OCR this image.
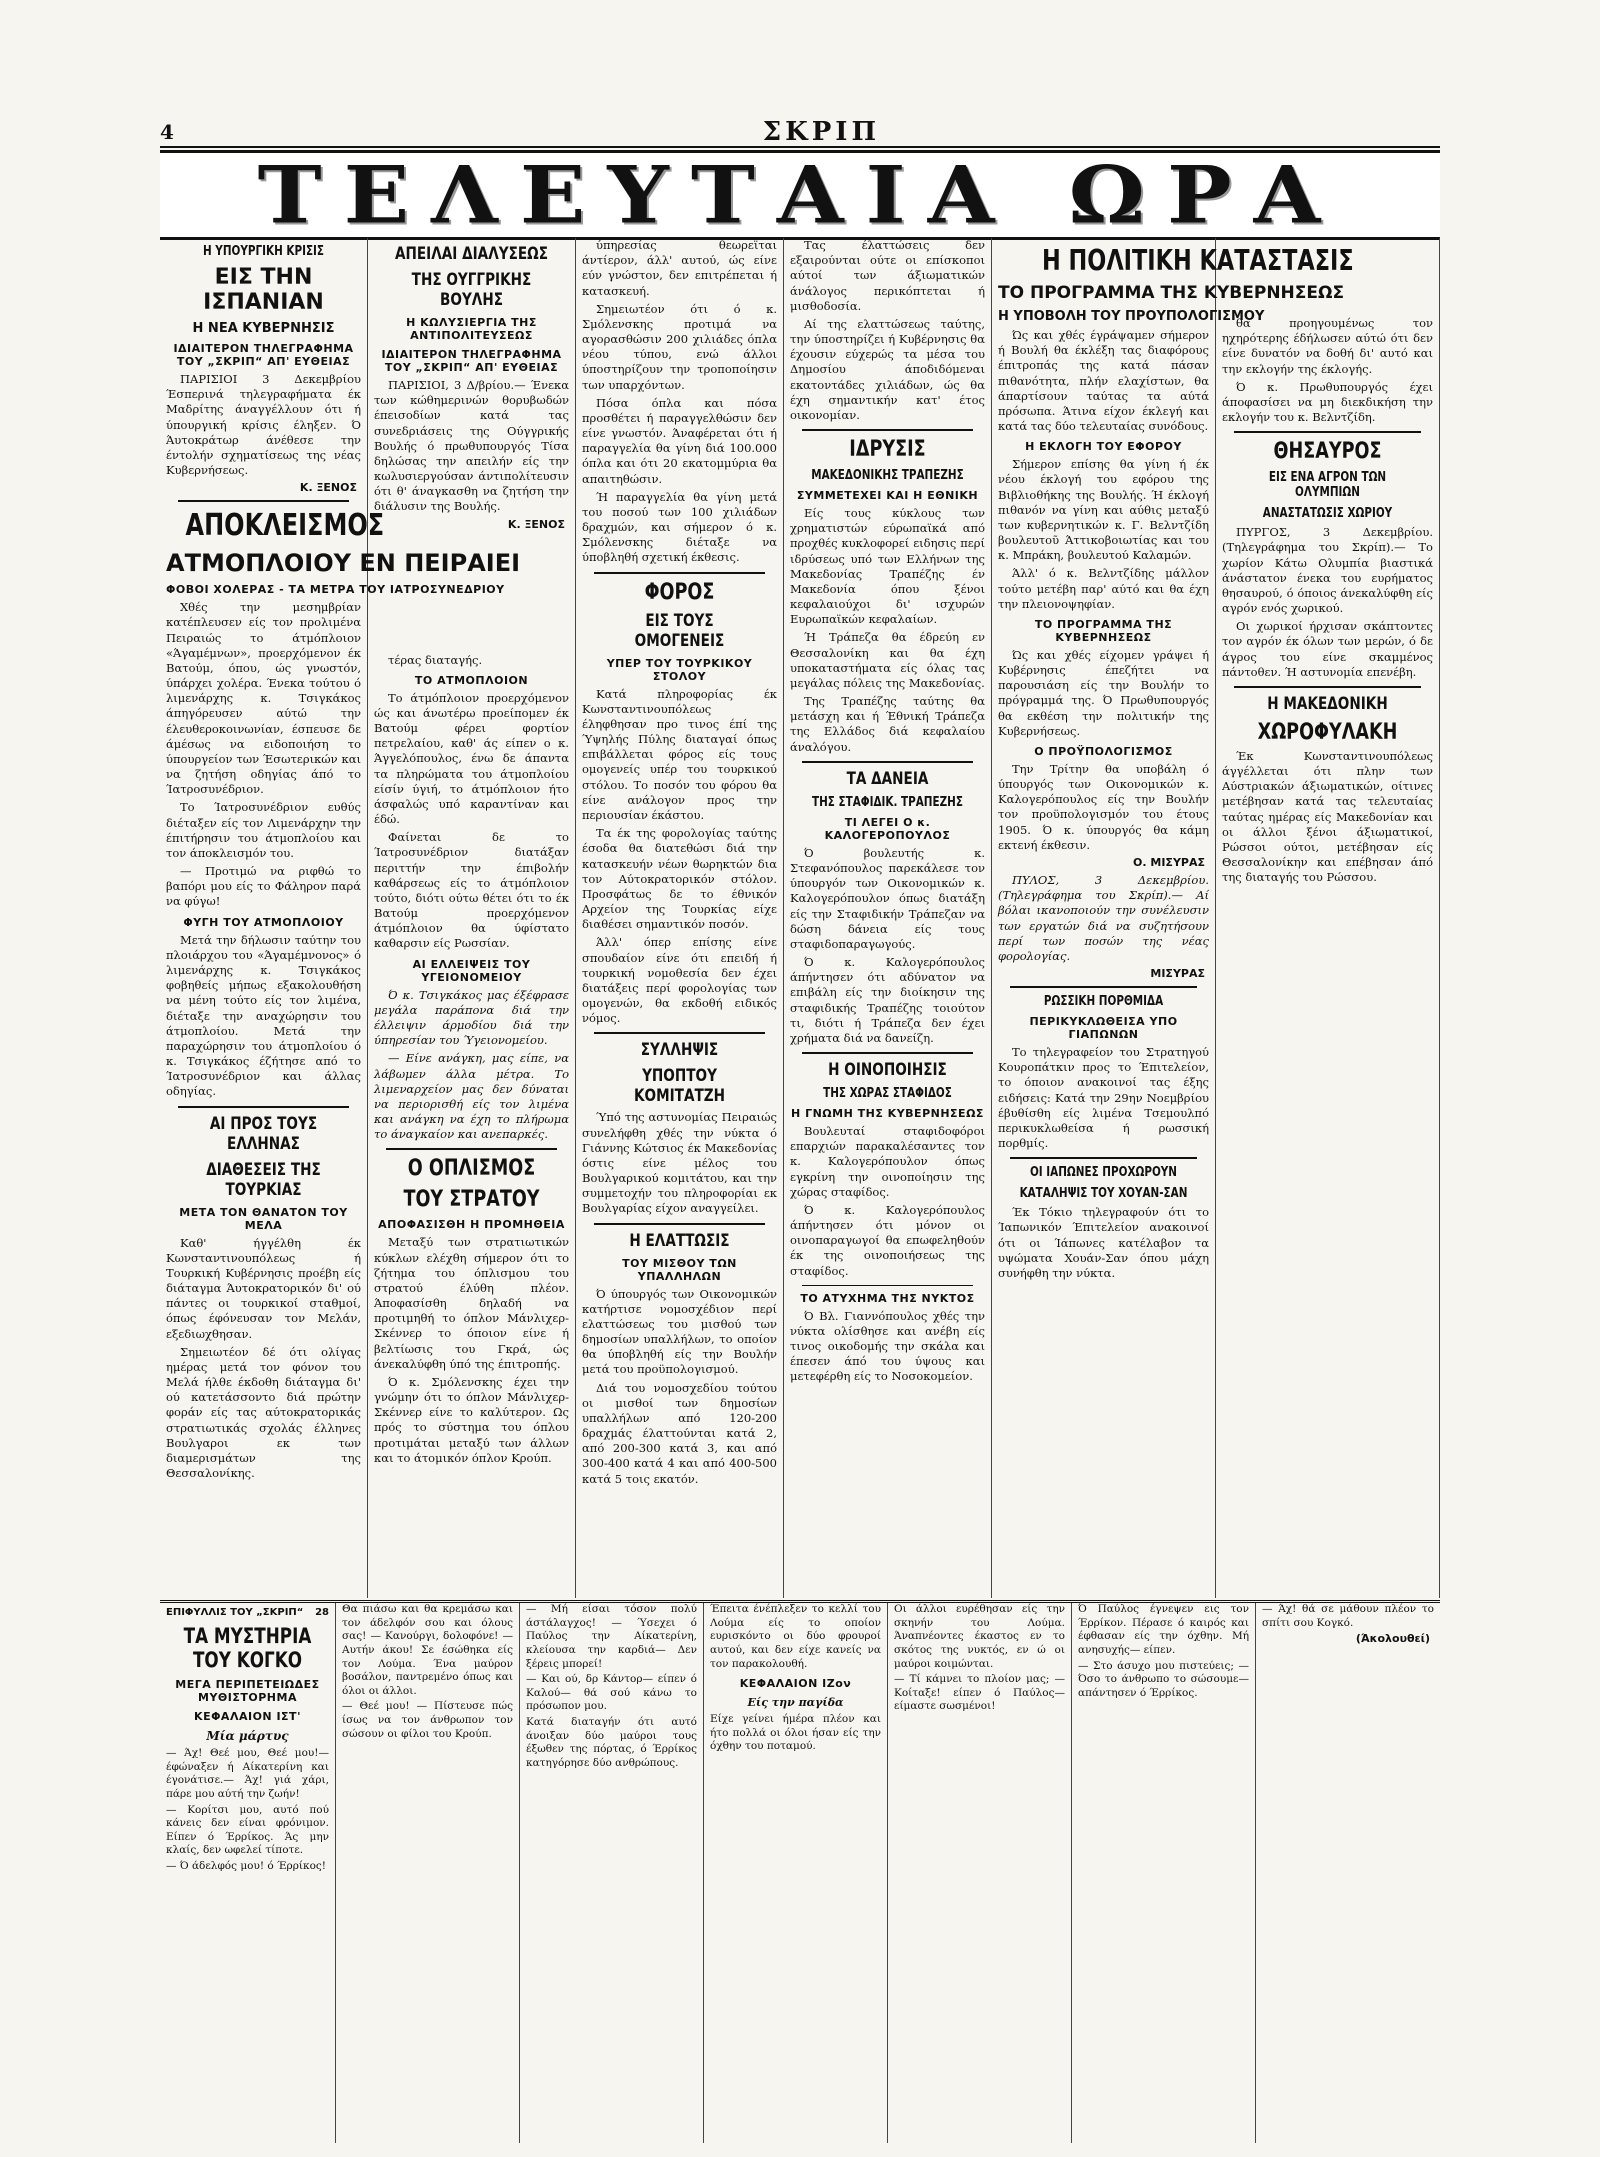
4	ΣΚΡΙΠ
ΤΕΛΕΥΤΑΙΑ ΩΡΑ
Η ΥΠΟΥΡΓΙΚΗ ΚΡΙΣΙΣ
ΕΙΣ ΤΗΝ ΙΣΠΑΝΙΑΝ
Η ΝΕΑ ΚΥΒΕΡΝΗΣΙΣ
ΙΔΙΑΙΤΕΡΟΝ ΤΗΛΕΓΡΑΦΗΜΑ ΤΟΥ „ΣΚΡΙΠ“ ΑΠ' ΕΥΘΕΙΑΣ

ΠΑΡΙΣΙΟΙ 3 Δεκεμβρίου Έσπερινά τηλεγραφήματα έκ Μαδρίτης άναγγέλλουν ότι ή ύπουργική κρίσις έληξεν. Ό Άυτοκράτωρ άνέθεσε την έντολήν σχηματίσεως της νέας Κυβερνήσεως.

Κ. ΞΕΝΟΣ
ΑΠΟΚΛΕΙΣΜΟΣ
ΑΤΜΟΠΛΟΙΟΥ ΕΝ ΠΕΙΡΑΙΕΙ
ΦΟΒΟΙ ΧΟΛΕΡΑΣ - ΤΑ ΜΕΤΡΑ ΤΟΥ ΙΑΤΡΟΣΥΝΕΔΡΙΟΥ

Χθές την μεσημβρίαν κατέπλευσεν είς τον προλιμένα Πειραιώς το άτμόπλοιον «Άγαμέμνων», προερχόμενον έκ Βατούμ, όπου, ώς γνωστόν, ύπάρχει χολέρα. Ένεκα τούτου ό λιμενάρχης κ. Τσιγκάκος άπηγόρευσεν αύτώ την έλευθεροκοινωνίαν, έσπευσε δε άμέσως να ειδοποιήση το ύπουργείον των Έσωτερικών και να ζητήση οδηγίας άπό το Ίατροσυνέδριον.

Το Ίατροσυνέδριον ευθύς διέταξεν είς τον Λιμενάρχην την έπιτήρησιν του άτμοπλοίου και τον άποκλεισμόν του.

— Προτιμώ να ριφθώ το βαπόρι μου είς το Φάληρον παρά να φύγω!

ΦΥΓΗ ΤΟΥ ΑΤΜΟΠΛΟΙΟΥ

Μετά την δήλωσιν ταύτην του πλοιάρχου του «Άγαμέμνονος» ό λιμενάρχης κ. Τσιγκάκος φοβηθείς μήπως εξακολουθήση να μένη τούτο είς τον λιμένα, διέταξε την αναχώρησιν του άτμοπλοίου. Μετά την παραχώρησιν του άτμοπλοίου ό κ. Τσιγκάκος έζήτησε από το Ίατροσυνέδριον και άλλας οδηγίας.

ΑΙ ΠΡΟΣ ΤΟΥΣ ΕΛΛΗΝΑΣ
ΔΙΑΘΕΣΕΙΣ ΤΗΣ ΤΟΥΡΚΙΑΣ
ΜΕΤΑ ΤΟΝ ΘΑΝΑΤΟΝ ΤΟΥ ΜΕΛΑ

Καθ' ήγγέλθη έκ Κωνσταντινουπόλεως ή Τουρκική Κυβέρνησις προέβη είς διάταγμα Άυτοκρατορικόν δι' ού πάντες οι τουρκικοί σταθμοί, όπως έφόνευσαν τον Μελάν, εξεδιωχθησαν.

Σημειωτέον δέ ότι ολίγας ημέρας μετά τον φόνον του Μελά ήλθε έκδοθη διάταγμα δι' ού κατετάσσοντο διά πρώτην φοράν είς τας αύτοκρατορικάς στρατιωτικάς σχολάς έλληνες Βουλγαροι εκ των διαμερισμάτων της Θεσσαλονίκης.

ΑΠΕΙΛΑΙ ΔΙΑΛΥΣΕΩΣ
ΤΗΣ ΟΥΓΓΡΙΚΗΣ ΒΟΥΛΗΣ
Η ΚΩΛΥΣΙΕΡΓΙΑ ΤΗΣ ΑΝΤΙΠΟΛΙΤΕΥΣΕΩΣ
ΙΔΙΑΙΤΕΡΟΝ ΤΗΛΕΓΡΑΦΗΜΑ ΤΟΥ „ΣΚΡΙΠ“ ΑΠ' ΕΥΘΕΙΑΣ

ΠΑΡΙΣΙΟΙ, 3 Δ/βρίου.— Ένεκα των κώθημερινών θορυβωδών έπεισοδίων κατά τας συνεδριάσεις της Ούγγρικής Βουλής ό πρωθυπουργός Τίσα δηλώσας την απειλήν είς την κωλυσιεργούσαν άντιπολίτευσιν ότι θ' άναγκασθη να ζητήση την διάλυσιν της Βουλής.

Κ. ΞΕΝΟΣ

τέρας διαταγής.

ΤΟ ΑΤΜΟΠΛΟΙΟΝ

Το άτμόπλοιον προερχόμενον ώς και άνωτέρω προείπομεν έκ Βατούμ φέρει φορτίον πετρελαίου, καθ' άς είπεν ο κ. Άγγελόπουλος, ένω δε άπαντα τα πληρώματα του άτμοπλοίου είσίν ύγιή, το άτμόπλοιον ήτο άσφαλώς υπό καραντίναν και έδώ.

Φαίνεται δε το Ίατροσυνέδριον διατάξαν περιττήν την έπιβολήν καθάρσεως είς το άτμόπλοιον τούτο, διότι ούτω θέτει ότι το έκ Βατούμ προερχόμενον άτμόπλοιον θα ύφίστατο καθαρσιν είς Ρωσσίαν.

ΑΙ ΕΛΛΕΙΨΕΙΣ ΤΟΥ ΥΓΕΙΟΝΟΜΕΙΟΥ

Ό κ. Τσιγκάκος μας έξέφρασε μεγάλα παράπονα διά την έλλειψιν άρμοδίου διά την ύπηρεσίαν του Ύγειονομείου.

— Είνε ανάγκη, μας είπε, να λάβωμεν άλλα μέτρα. Το λιμεναρχείον μας δεν δύναται να περιορισθή είς τον λιμένα και ανάγκη να έχη το πλήρωμα το άναγκαίον και ανεπαρκές.

Ο ΟΠΛΙΣΜΟΣ
ΤΟΥ ΣΤΡΑΤΟΥ
ΑΠΟΦΑΣΙΣΘΗ Η ΠΡΟΜΗΘΕΙΑ

Μεταξύ των στρατιωτικών κύκλων ελέχθη σήμερον ότι το ζήτημα του όπλισμου του στρατού έλύθη πλέον. Άποφασίσθη δηλαδή να προτιμηθή το όπλον Μάνλιχερ-Σκέννερ το όποιον είνε ή βελτίωσις του Γκρά, ώς άνεκαλύφθη ύπό της έπιτροπής.

Ό κ. Σμόλενσκης έχει την γνώμην ότι το όπλον Μάνλιχερ-Σκέννερ είνε το καλύτερον. Ως πρός το σύστημα του όπλου προτιμάται μεταξύ των άλλων και το άτομικόν όπλον Κρούπ.

ύπηρεσίας θεωρεϊται άντίερον, άλλ' αυτού, ώς είνε εύν γνώστον, δεν επιτρέπεται ή κατασκευή.

Σημειωτέον ότι ό κ. Σμόλενσκης προτιμά να αγορασθώσιν 200 χιλιάδες όπλα νέου τύπου, ενώ άλλοι ύποστηρίζουν την τροποποίησιν των υπαρχόντων.

Πόσα όπλα και πόσα προσθέτει ή παραγγελθώσιν δεν είνε γνωστόν. Άναφέρεται ότι ή παραγγελία θα γίνη διά 100.000 όπλα και ότι 20 εκατομμύρια θα απαιτηθώσιν.

Ή παραγγελία θα γίνη μετά του ποσού των 100 χιλιάδων δραχμών, και σήμερον ό κ. Σμόλενσκης διέταξε να ύποβληθή σχετική έκθεσις.

ΦΟΡΟΣ
ΕΙΣ ΤΟΥΣ ΟΜΟΓΕΝΕΙΣ
ΥΠΕΡ ΤΟΥ ΤΟΥΡΚΙΚΟΥ ΣΤΟΛΟΥ

Κατά πληροφορίας έκ Κωνσταντινουπόλεως έληφθησαν προ τινος έπί της Ύψηλής Πύλης διαταγαί όπως επιβάλλεται φόρος είς τους ομογενείς υπέρ του τουρκικού στόλου. Το ποσόν του φόρου θα είνε ανάλογον προς την περιουσίαν έκάστου.

Τα έκ της φορολογίας ταύτης έσοδα θα διατεθώσι διά την κατασκευήν νέων θωρηκτών δια τον Αύτοκρατορικόν στόλον. Προσφάτως δε το έθνικόν Αρχείον της Τουρκίας είχε διαθέσει σημαντικόν ποσόν.

Άλλ' όπερ επίσης είνε σπουδαίον είνε ότι επειδή ή τουρκική νομοθεσία δεν έχει διατάξεις περί φορολογίας των ομογενών, θα εκδοθή ειδικός νόμος.

ΣΥΛΛΗΨΙΣ
ΥΠΟΠΤΟΥ ΚΟΜΙΤΑΤΖΗ

Ύπό της αστυνομίας Πειραιώς συνελήφθη χθές την νύκτα ό Γιάννης Κώτσιος έκ Μακεδονίας όστις είνε μέλος του Βουλγαρικού κομιτάτου, και την συμμετοχήν του πληροφορίαι εκ Βουλγαρίας είχον αναγγείλει.

Η ΕΛΑΤΤΩΣΙΣ
ΤΟΥ ΜΙΣΘΟΥ ΤΩΝ ΥΠΑΛΛΗΛΩΝ

Ό ύπουργός των Οικονομικών κατήρτισε νομοσχέδιον περί ελαττώσεως του μισθού των δημοσίων υπαλλήλων, το οποίον θα ύποβληθή είς την Βουλήν μετά του προϋπολογισμού.

Διά του νομοσχεδίου τούτου οι μισθοί των δημοσίων υπαλλήλων από 120-200 δραχμάς έλαττούνται κατά 2, από 200-300 κατά 3, και από 300-400 κατά 4 και από 400-500 κατά 5 τοις εκατόν.

Τας έλαττώσεις δεν εξαιρούνται ούτε οι επίσκοποι αύτοί των άξιωματικών άνάλογος περικόπτεται ή μισθοδοσία.

Αί της ελαττώσεως ταύτης, την ύποστηρίζει ή Κυβέρνησις θα έχουσιν εύχερώς τα μέσα του Δημοσίου άποδιδόμεναι εκατοντάδες χιλιάδων, ώς θα έχη σημαντικήν κατ' έτος οικονομίαν.

ΙΔΡΥΣΙΣ
ΜΑΚΕΔΟΝΙΚΗΣ ΤΡΑΠΕΖΗΣ
ΣΥΜΜΕΤΕΧΕΙ ΚΑΙ Η ΕΘΝΙΚΗ

Είς τους κύκλους των χρηματιστών εύρωπαϊκά από προχθές κυκλοφορεί ειδησις περί ιδρύσεως υπό των Ελλήνων της Μακεδονίας Τραπέζης έν Μακεδονία όπου ξένοι κεφαλαιούχοι δι' ισχυρών Ευρωπαϊκών κεφαλαίων.

Ή Τράπεζα θα έδρεύη εν Θεσσαλονίκη και θα έχη υποκαταστήματα είς όλας τας μεγάλας πόλεις της Μακεδονίας.

Της Τραπέζης ταύτης θα μετάσχη και ή Έθνική Τράπεζα της Ελλάδος διά κεφαλαίου άναλόγου.

ΤΑ ΔΑΝΕΙΑ
ΤΗΣ ΣΤΑΦΙΔΙΚ. ΤΡΑΠΕΖΗΣ
ΤΙ ΛΕΓΕΙ Ο κ. ΚΑΛΟΓΕΡΟΠΟΥΛΟΣ

Ό βουλευτής κ. Στεφανόπουλος παρεκάλεσε τον ύπουργόν των Οικονομικών κ. Καλογερόπουλον όπως διατάξη είς την Σταφιδικήν Τράπεζαν να δώση δάνεια είς τους σταφιδοπαραγωγούς.

Ό κ. Καλογερόπουλος άπήντησεν ότι αδύνατον να επιβάλη είς την διοίκησιν της σταφιδικής Τραπέζης τοιούτον τι, διότι ή Τράπεζα δεν έχει χρήματα διά να δανείζη.

Η ΟΙΝΟΠΟΙΗΣΙΣ
ΤΗΣ ΧΩΡΑΣ ΣΤΑΦΙΔΟΣ
Η ΓΝΩΜΗ ΤΗΣ ΚΥΒΕΡΝΗΣΕΩΣ

Βουλευταί σταφιδοφόροι επαρχιών παρακαλέσαντες τον κ. Καλογερόπουλον όπως εγκρίνη την οινοποίησιν της χώρας σταφίδος.

Ό κ. Καλογερόπουλος άπήντησεν ότι μόνον οι οινοπαραγωγοί θα επωφεληθούν έκ της οινοποιήσεως της σταφίδος.

ΤΟ ΑΤΥΧΗΜΑ ΤΗΣ ΝΥΚΤΟΣ

Ό Βλ. Γιαννόπουλος χθές την νύκτα ολίσθησε και ανέβη είς τινος οικοδομής την σκάλα και έπεσεν άπό του ύψους και μετεφέρθη είς το Νοσοκομείον.

Η ΠΟΛΙΤΙΚΗ ΚΑΤΑΣΤΑΣΙΣ
ΤΟ ΠΡΟΓΡΑΜΜΑ ΤΗΣ ΚΥΒΕΡΝΗΣΕΩΣ
Η ΥΠΟΒΟΛΗ ΤΟΥ ΠΡΟΥΠΟΛΟΓΙΣΜΟΥ

Ώς και χθές έγράψαμεν σήμερον ή Βουλή θα έκλέξη τας διαφόρους έπιτροπάς της κατά πάσαν πιθανότητα, πλήν ελαχίστων, θα άπαρτίσουν ταύτας τα αύτά πρόσωπα. Άτινα είχον έκλεγή και κατά τας δύο τελευταίας συνόδους.

Η ΕΚΛΟΓΗ ΤΟΥ ΕΦΟΡΟΥ

Σήμερον επίσης θα γίνη ή έκ νέου έκλογή του εφόρου της Βιβλιοθήκης της Βουλής. Ή έκλογή πιθανόν να γίνη και αύθις μεταξύ των κυβερνητικών κ. Γ. Βελντζίδη βουλευτοῦ Άττικοβοιωτίας και του κ. Μπράκη, βουλευτού Καλαμών.

Άλλ' ό κ. Βελντζίδης μάλλον τούτο μετέβη παρ' αύτό και θα έχη την πλειονοψηφίαν.

ΤΟ ΠΡΟΓΡΑΜΜΑ ΤΗΣ ΚΥΒΕΡΝΗΣΕΩΣ

Ώς και χθές είχομεν γράψει ή Κυβέρνησις έπεζήτει να παρουσιάση είς την Βουλήν το πρόγραμμά της. Ό Πρωθυπουργός θα εκθέση την πολιτικήν της Κυβερνήσεως.

Ο ΠΡΟΫΠΟΛΟΓΙΣΜΟΣ

Την Τρίτην θα υποβάλη ό ύπουργός των Οικονομικών κ. Καλογερόπουλος είς την Βουλήν τον προϋπολογισμόν του έτους 1905. Ό κ. ύπουργός θα κάμη εκτενή έκθεσιν.

Ο. ΜΙΣΥΡΑΣ

ΠΥΛΟΣ, 3 Δεκεμβρίου. (Τηλεγράφημα του Σκρίπ).— Αί βόλαι ικανοποιούν την συνέλευσιν των εργατών διά να συζητήσουν περί των ποσών της νέας φορολογίας.

ΜΙΣΥΡΑΣ
ΡΩΣΣΙΚΗ ΠΟΡΘΜΙΔΑ
ΠΕΡΙΚΥΚΛΩΘΕΙΣΑ ΥΠΟ ΓΙΑΠΩΝΩΝ

Το τηλεγραφείον του Στρατηγού Κουροπάτκιν προς το Έπιτελείον, το όποιον ανακοινοί τας έξης ειδήσεις: Κατά την 29ην Νοεμβρίου έβυθίσθη είς λιμένα Τσεμουλπό περικυκλωθείσα ή ρωσσική πορθμίς.

ΟΙ ΙΑΠΩΝΕΣ ΠΡΟΧΩΡΟΥΝ
ΚΑΤΑΛΗΨΙΣ ΤΟΥ ΧΟΥΑΝ-ΣΑΝ

Έκ Τόκιο τηλεγραφούν ότι το Ίαπωνικόν Έπιτελείον ανακοινοί ότι οι Ίάπωνες κατέλαβον τα υψώματα Χουάν-Σαν όπου μάχη συνήφθη την νύκτα.

θα προηγουμένως τον ηχηρότερης έδήλωσεν αύτώ ότι δεν είνε δυνατόν να δοθή δι' αυτό και την εκλογήν της έκλογής.

Ό κ. Πρωθυπουργός έχει άποφασίσει να μη διεκδικήση την εκλογήν του κ. Βελντζίδη.

ΘΗΣΑΥΡΟΣ
ΕΙΣ ΕΝΑ ΑΓΡΟΝ ΤΩΝ ΟΛΥΜΠΙΩΝ
ΑΝΑΣΤΑΤΩΣΙΣ ΧΩΡΙΟΥ

ΠΥΡΓΟΣ, 3 Δεκεμβρίου. (Τηλεγράφημα του Σκρίπ).— Το χωρίον Κάτω Ολυμπία βιαστικά άνάστατον ένεκα του ευρήματος θησαυρού, ό όποιος άνεκαλύφθη είς αγρόν ενός χωρικού.

Οι χωρικοί ήρχισαν σκάπτοντες τον αγρόν έκ όλων των μερών, ό δε άγρος του είνε σκαμμένος πάντοθεν. Ή αστυνομία επενέβη.

Η ΜΑΚΕΔΟΝΙΚΗ
ΧΩΡΟΦΥΛΑΚΗ

Έκ Κωνσταντινουπόλεως άγγέλλεται ότι πλην των Αύστριακών άξιωματικών, οίτινες μετέβησαν κατά τας τελευταίας ταύτας ημέρας είς Μακεδονίαν και οι άλλοι ξένοι άξιωματικοί, Ρώσσοι ούτοι, μετέβησαν είς Θεσσαλονίκην και επέβησαν άπό της διαταγής του Ρώσσου.

ΕΠΙΦΥΛΛΙΣ ΤΟΥ „ΣΚΡΙΠ“ 28
ΤΑ ΜΥΣΤΗΡΙΑ ΤΟΥ ΚΟΓΚΟ
ΜΕΓΑ ΠΕΡΙΠΕΤΕΙΩΔΕΣ ΜΥΘΙΣΤΟΡΗΜΑ
ΚΕΦΑΛΑΙΟΝ ΙΣΤ'
Μία μάρτυς

— Άχ! Θεέ μου, Θεέ μου!—έφώναξεν ή Αίκατερίνη και έγονάτισε.— Άχ! γιά χάρι, πάρε μου αύτή την ζωήν!

— Κορίτσι μου, αυτό πού κάνεις δεν είναι φρόνιμον. Είπεν ό Έρρίκος. Άς μην κλαίς, δεν ωφελεί τίποτε.

— Ό άδελφός μου! ό Έρρίκος!

Θα πιάσω και θα κρεμάσω και τον άδελφόν σου και όλους σας! — Κανούργι, δολοφόνε! — Αυτήν άκου! Σε έσώθηκα είς τον Λούμα. Ένα μαύρον βοσάλον, παντρεμένο όπως και όλοι οι άλλοι.

— Θεέ μου! — Πίστευσε πώς ίσως να τον άνθρωπον τον σώσουν οι φίλοι του Κρούπ.

— Μή είσαι τόσον πολύ άστάλαγχος! — Ύσεχει ό Παύλος την Αίκατερίνη, κλείουσα την καρδιά— Δεν ξέρεις μπορεί!

— Και ού, δρ Κάντορ— είπεν ό Καλού— θά σού κάνω το πρόσωπον μου.

Κατά διαταγήν ότι αυτό άνοιξαν δύο μαύροι τους έξωθεν της πόρτας, ό Έρρίκος κατηγόρησε δύο ανθρώπους.

Έπειτα ένέπλεξεν το κελλί του Λούμα είς το οποίον ευρισκόντο οι δύο φρουροί αυτού, και δεν είχε κανείς να τον παρακολουθή.

ΚΕΦΑΛΑΙΟΝ ΙΖον
Είς την παγίδα

Είχε γείνει ήμέρα πλέον και ήτο πολλά οι όλοι ήσαν είς την όχθην του ποταμού.

Οι άλλοι ευρέθησαν είς την σκηνήν του Λούμα. Άναπνέοντες έκαστος εν το σκότος της νυκτός, εν ώ οι μαύροι κοιμώνται.

— Τί κάμνει το πλοίον μας; — Κοίταξε! είπεν ό Παύλος— είμαστε σωσμένοι!

Ό Παύλος έγνεψεν εις τον Έρρίκον. Πέρασε ό καιρός και έφθασαν είς την όχθην. Μή ανησυχής— είπεν.

— Στο άσυχο μου πιστεύεις; — Όσο το άνθρωπο το σώσουμε— απάντησεν ό Έρρίκος.

— Άχ! θά σε μάθουν πλέον το σπίτι σου Κογκό.

(Άκολουθεί)
